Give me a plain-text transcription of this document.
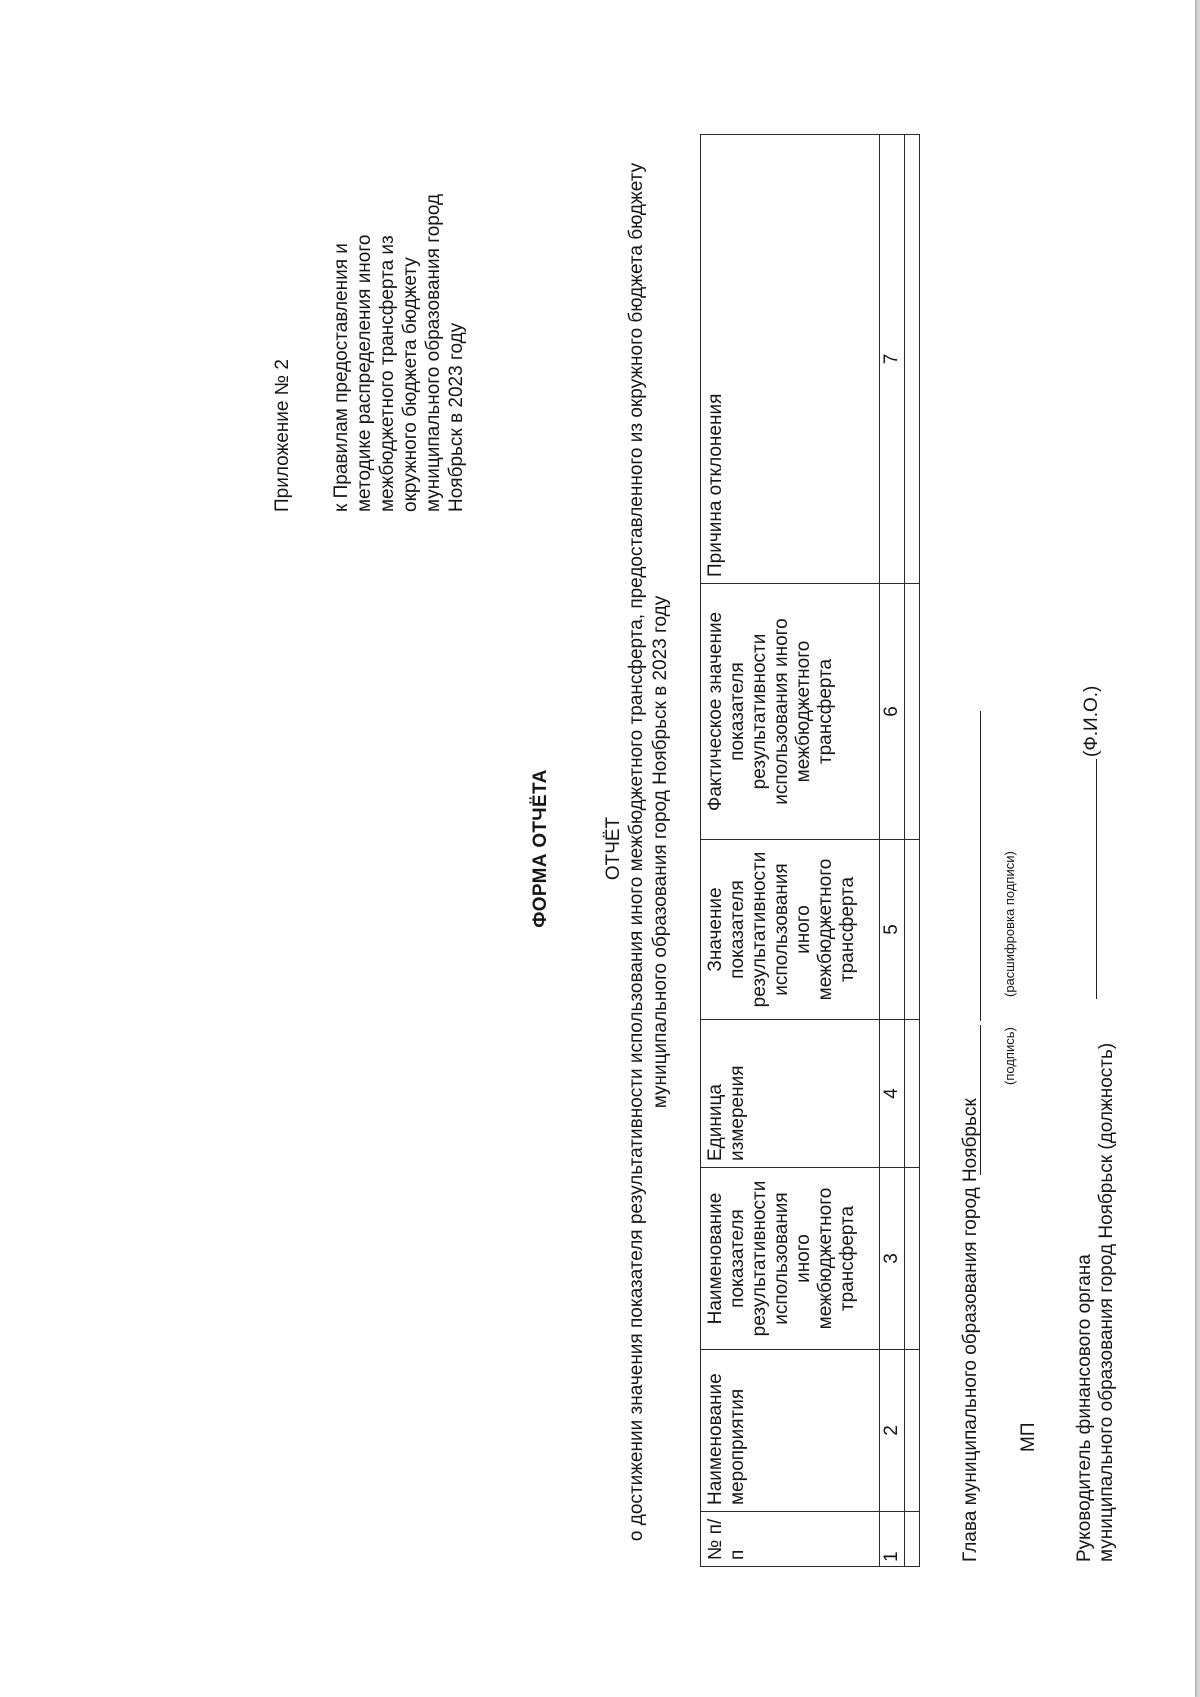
Приложение № 2 к Правилам предоставления и методике распределения иного межбюджетного трансферта из окружного бюджета бюджету муниципального образования город Ноябрьск в 2023 году
ФОРМА ОТЧЁТА	ОТЧЁТ о достижении значения показателя результативности использования иного межбюджетного трансферта, предоставленного из окружного бюджета бюджету муниципального образования город Ноябрьск в 2023 году
№ п/п	Наименование мероприятия	Наименование показателя результативности использования иного межбюджетного трансферта	Единица измерения	Значение показателя результативности использования иного межбюджетного трансферта	Фактическое значение показателя результативности использования иного межбюджетного трансферта	Причина отклонения
1	2	3	4	5	6	7

Глава муниципального образования город Ноябрьск
(подпись)
(расшифровка подписи)
МП Руководитель финансового органа муниципального образования город Ноябрьск (должность)
(Ф.И.О.)
